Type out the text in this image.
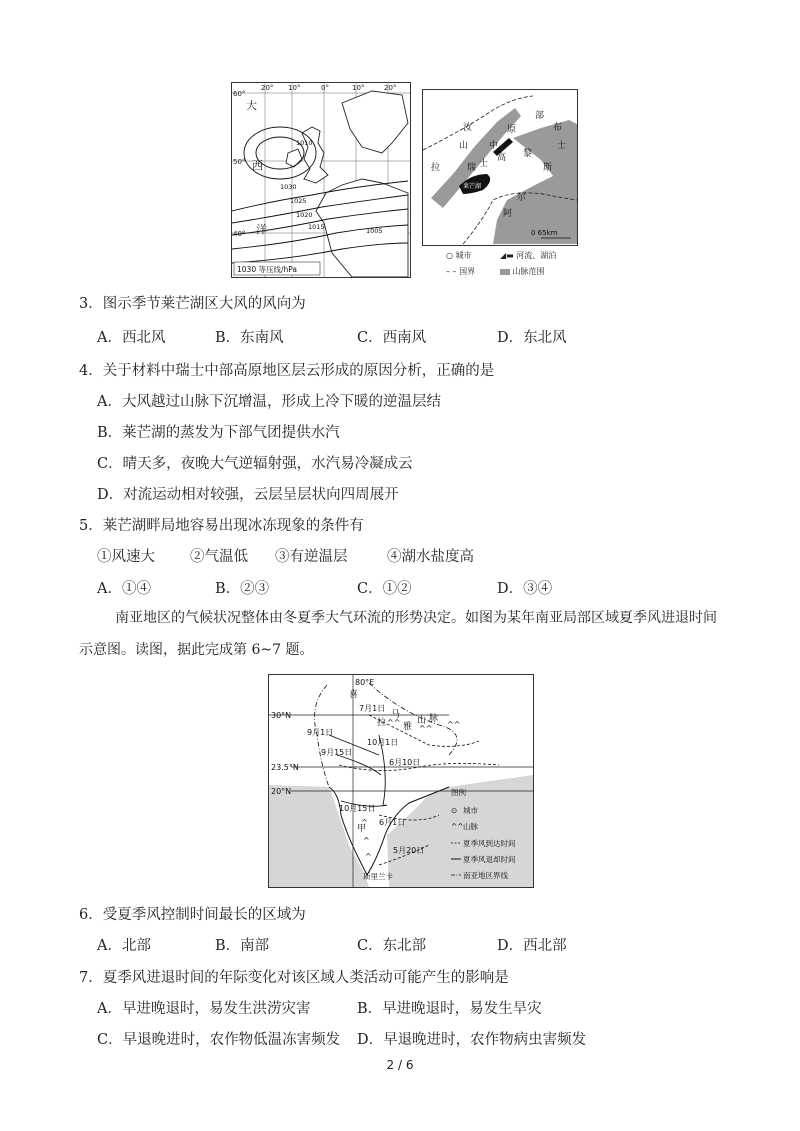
20° 10°	0°	10°	20°
60°
50°
40°
大
西
洋
1010
1030
1025
1020
1015	1005
1030 等压线/hPa
0 65km
汝
拉
山
瑞 士
中
原
部
高 黎
士
布
斯
阿
尔
莱芒湖
○ 城市	◢▬ 河流、湖泊
– – 国界	山脉范围
3．图示季节莱芒湖区大风的风向为
A．西北风	B．东南风	C．西南风	D．东北风
4．关于材料中瑞士中部高原地区层云形成的原因分析，正确的是
A．大风越过山脉下沉增温，形成上冷下暖的逆温层结
B．莱芒湖的蒸发为下部气团提供水汽
C．晴天多，夜晚大气逆辐射强，水汽易冷凝成云
D．对流运动相对较强，云层呈层状向四周展开
5．莱芒湖畔局地容易出现冰冻现象的条件有
①风速大 ②气温低 ③有逆温层	④湖水盐度高
A．①④	B．②③	C．①②	D．③④
南亚地区的气候状况整体由冬夏季大气环流的形势决定。如图为某年南亚局部区域夏季风进退时间
示意图。读图，据此完成第 6~7 题。
^^
^^ ^^
^
^
^
80°E
30°N
23.5°N
20°N
7月1日
9月1日
9月15日
10月1日
6月10日
10月15日
6月1日
5月20日
喜
拉
马
雅
山 脉
甲
斯里兰卡
图例
⊙ 城市
^^ 山脉
夏季风到达时间
夏季风退却时间
南亚地区界线
6．受夏季风控制时间最长的区域为
A．北部	B．南部	C．东北部	D．西北部
7．夏季风进退时间的年际变化对该区域人类活动可能产生的影响是
A．早进晚退时，易发生洪涝灾害	B．早进晚退时，易发生旱灾
C．早退晚进时，农作物低温冻害频发 D．早退晚进时，农作物病虫害频发
2 / 6
